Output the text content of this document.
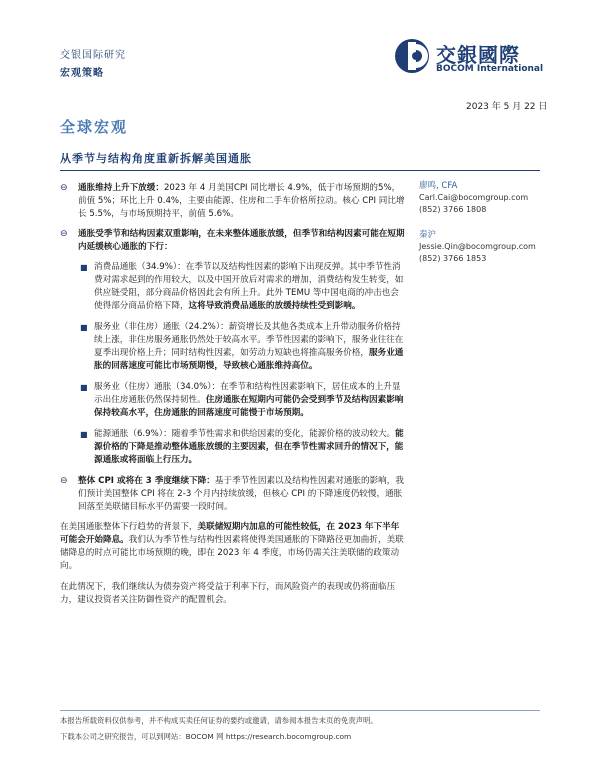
交银国际研究
宏观策略
交銀國際
BOCOM International
2023 年 5 月 22 日
全球宏观
从季节与结构角度重新拆解美国通胀
⊖ 通胀维持上升下放缓：2023 年 4 月美国CPI 同比增长 4.9%，低于市场预期的5%，前值 5%；环比上升 0.4%，主要由能源、住房和二手车价格所拉动。核心 CPI 同比增长 5.5%，与市场预期持平，前值 5.6%。
⊖ 通胀受季节和结构因素双重影响，在未来整体通胀放缓，但季节和结构因素可能在短期内延缓核心通胀的下行：
■ 消费品通胀（34.9%）：在季节以及结构性因素的影响下出现反弹。其中季节性消费对需求起到的作用较大，以及中国开放后对需求的增加，消费结构发生转变，如供应链受阻，部分商品价格因此会有所上升。此外 TEMU 等中国电商的冲击也会使得部分商品价格下降，这将导致消费品通胀的放缓持续性受到影响。
■ 服务业（非住房）通胀（24.2%）：薪资增长及其他各类成本上升带动服务价格持续上涨，非住房服务通胀仍然处于较高水平。季节性因素的影响下，服务业往往在夏季出现价格上升；同时结构性因素，如劳动力短缺也将推高服务价格，服务业通胀的回落速度可能比市场预期慢，导致核心通胀维持高位。
■ 服务业（住房）通胀（34.0%）：在季节和结构性因素影响下，居住成本的上升显示出住房通胀仍然保持韧性。住房通胀在短期内可能仍会受到季节及结构因素影响保持较高水平，住房通胀的回落速度可能慢于市场预期。
■ 能源通胀（6.9%）：随着季节性需求和供给因素的变化，能源价格的波动较大。能源价格的下降是推动整体通胀放缓的主要因素，但在季节性需求回升的情况下，能源通胀或将面临上行压力。
⊖ 整体 CPI 或将在 3 季度继续下降：基于季节性因素以及结构性因素对通胀的影响，我们预计美国整体 CPI 将在 2-3 个月内持续放缓，但核心 CPI 的下降速度仍较慢，通胀回落至美联储目标水平仍需要一段时间。
在美国通胀整体下行趋势的背景下，美联储短期内加息的可能性较低，在 2023 年下半年可能会开始降息。我们认为季节性与结构性因素将使得美国通胀的下降路径更加曲折，美联储降息的时点可能比市场预期的晚，即在 2023 年 4 季度，市场仍需关注美联储的政策动向。
在此情况下，我们继续认为债券资产将受益于利率下行，而风险资产的表现或仍将面临压力，建议投资者关注防御性资产的配置机会。
廖鸣, CFA
Carl.Cai@bocomgroup.com
(852) 3766 1808
秦沪
Jessie.Qin@bocomgroup.com
(852) 3766 1853
本报告所载资料仅供参考，并不构成买卖任何证券的要约或邀请，请参阅本报告末页的免责声明。
下载本公司之研究报告，可以到网站：BOCOM 网 https://research.bocomgroup.com
